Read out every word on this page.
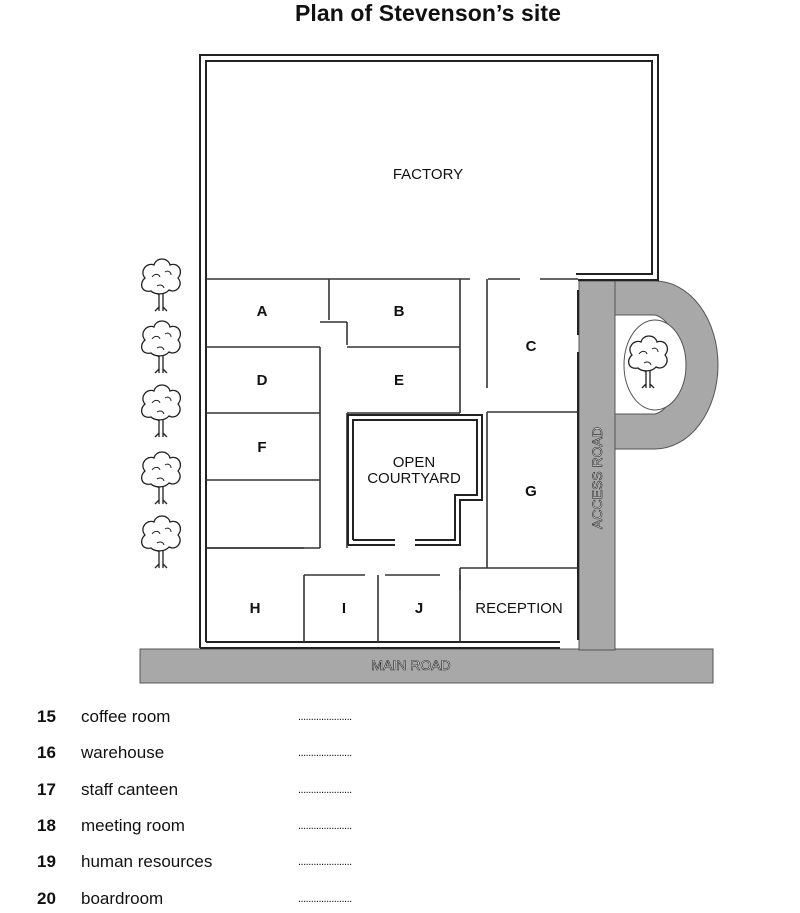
Plan of Stevenson’s site
FACTORY
A	B
C
D	E
F
G
H	I	J	RECEPTION
OPEN
COURTYARD
MAIN ROAD
ACCESS ROAD
15 coffee room	.....................
16 warehouse	.....................
17 staff canteen	.....................
18 meeting room	.....................
19 human resources	.....................
20 boardroom	.....................
